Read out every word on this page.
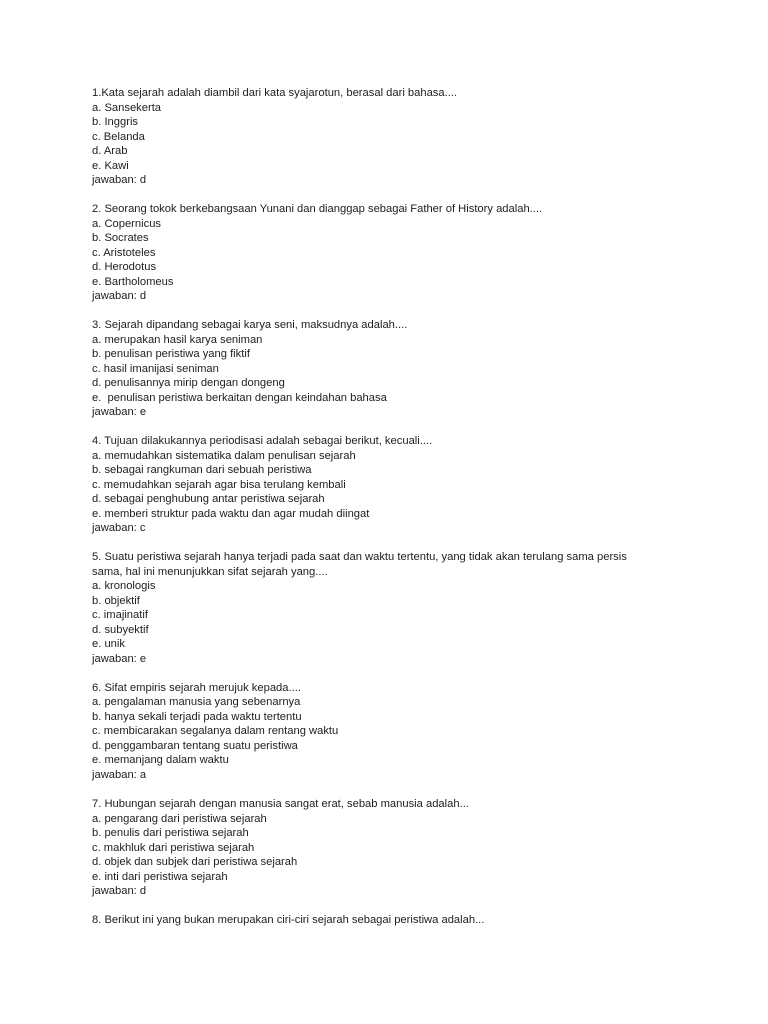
1.Kata sejarah adalah diambil dari kata syajarotun, berasal dari bahasa....

a. Sansekerta

b. Inggris

c. Belanda

d. Arab

e. Kawi

jawaban: d

2. Seorang tokok berkebangsaan Yunani dan dianggap sebagai Father of History adalah....

a. Copernicus

b. Socrates

c. Aristoteles

d. Herodotus

e. Bartholomeus

jawaban: d

3. Sejarah dipandang sebagai karya seni, maksudnya adalah....

a. merupakan hasil karya seniman

b. penulisan peristiwa yang fiktif

c. hasil imanijasi seniman

d. penulisannya mirip dengan dongeng

e.  penulisan peristiwa berkaitan dengan keindahan bahasa

jawaban: e

4. Tujuan dilakukannya periodisasi adalah sebagai berikut, kecuali....

a. memudahkan sistematika dalam penulisan sejarah

b. sebagai rangkuman dari sebuah peristiwa

c. memudahkan sejarah agar bisa terulang kembali

d. sebagai penghubung antar peristiwa sejarah

e. memberi struktur pada waktu dan agar mudah diingat

jawaban: c

5. Suatu peristiwa sejarah hanya terjadi pada saat dan waktu tertentu, yang tidak akan terulang sama persis

sama, hal ini menunjukkan sifat sejarah yang....

a. kronologis

b. objektif

c. imajinatif

d. subyektif

e. unik

jawaban: e

6. Sifat empiris sejarah merujuk kepada....

a. pengalaman manusia yang sebenarnya

b. hanya sekali terjadi pada waktu tertentu

c. membicarakan segalanya dalam rentang waktu

d. penggambaran tentang suatu peristiwa

e. memanjang dalam waktu

jawaban: a

7. Hubungan sejarah dengan manusia sangat erat, sebab manusia adalah...

a. pengarang dari peristiwa sejarah

b. penulis dari peristiwa sejarah

c. makhluk dari peristiwa sejarah

d. objek dan subjek dari peristiwa sejarah

e. inti dari peristiwa sejarah

jawaban: d

8. Berikut ini yang bukan merupakan ciri-ciri sejarah sebagai peristiwa adalah...
